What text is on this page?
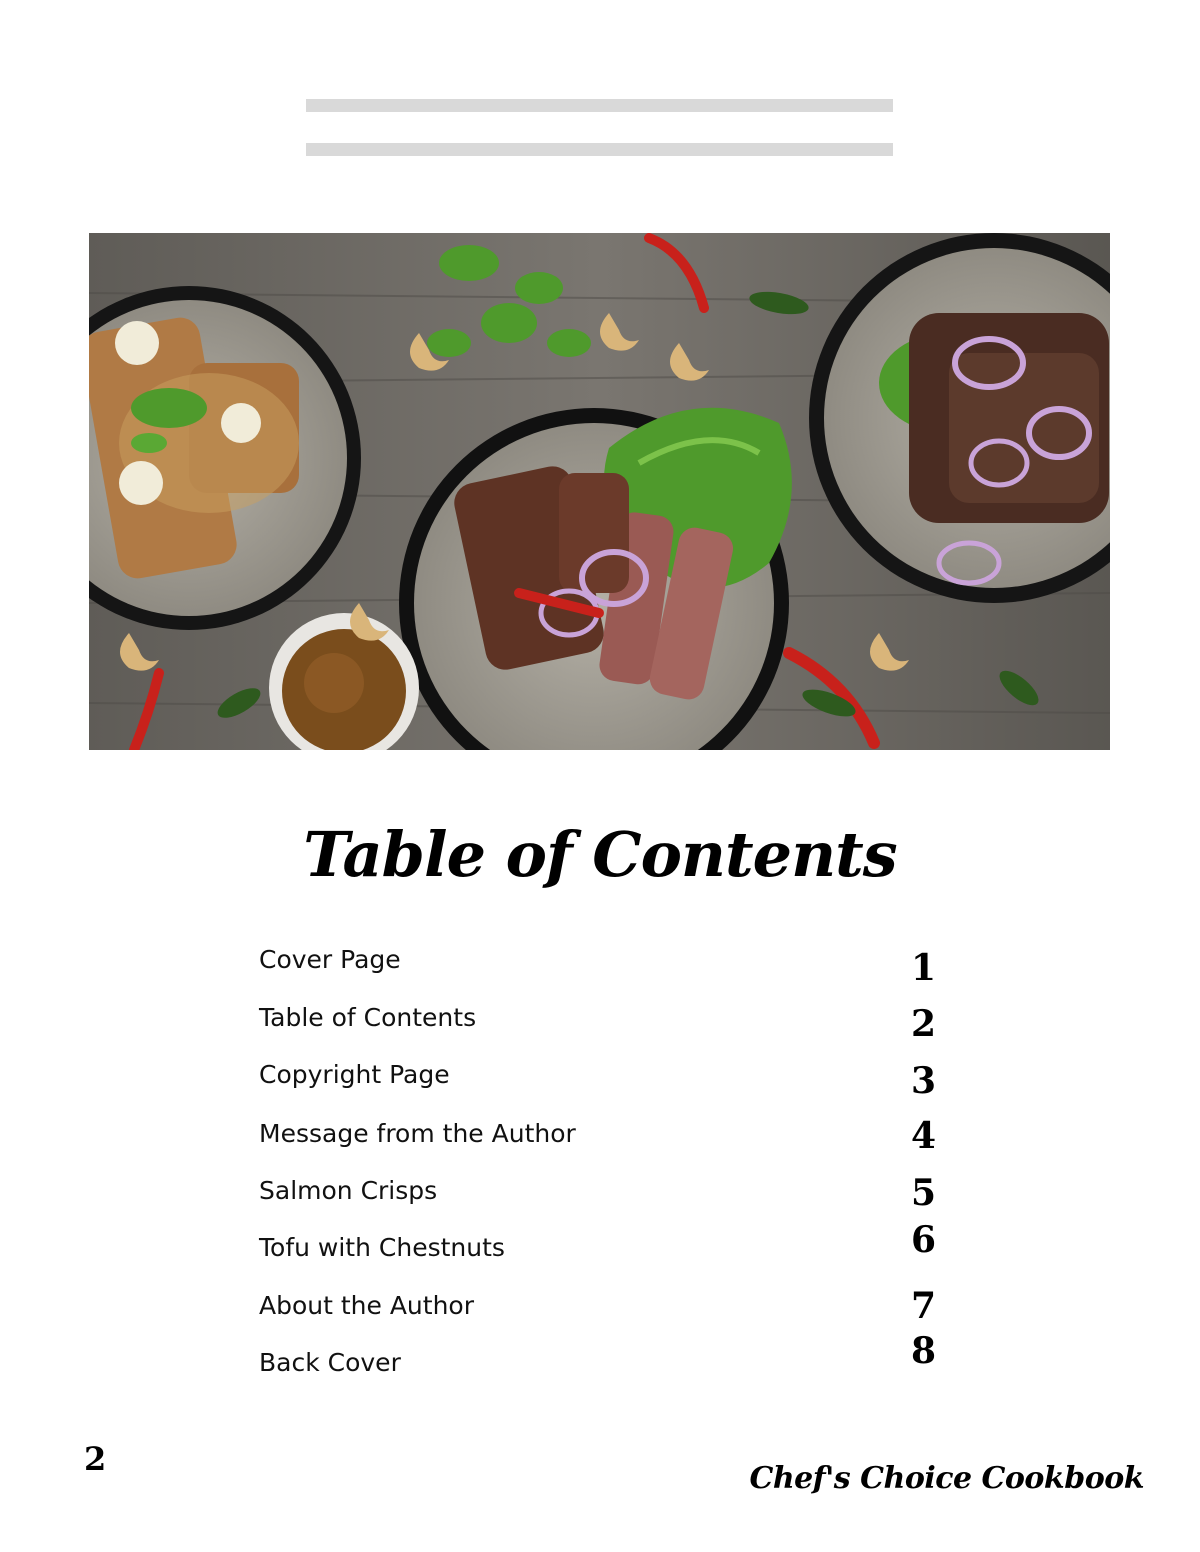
Table of Contents
Cover Page	1
Table of Contents	2
Copyright Page	3
Message from the Author	4
Salmon Crisps	5
Tofu with Chestnuts	6
About the Author	7
Back Cover	8
2
Chef's Choice Cookbook
